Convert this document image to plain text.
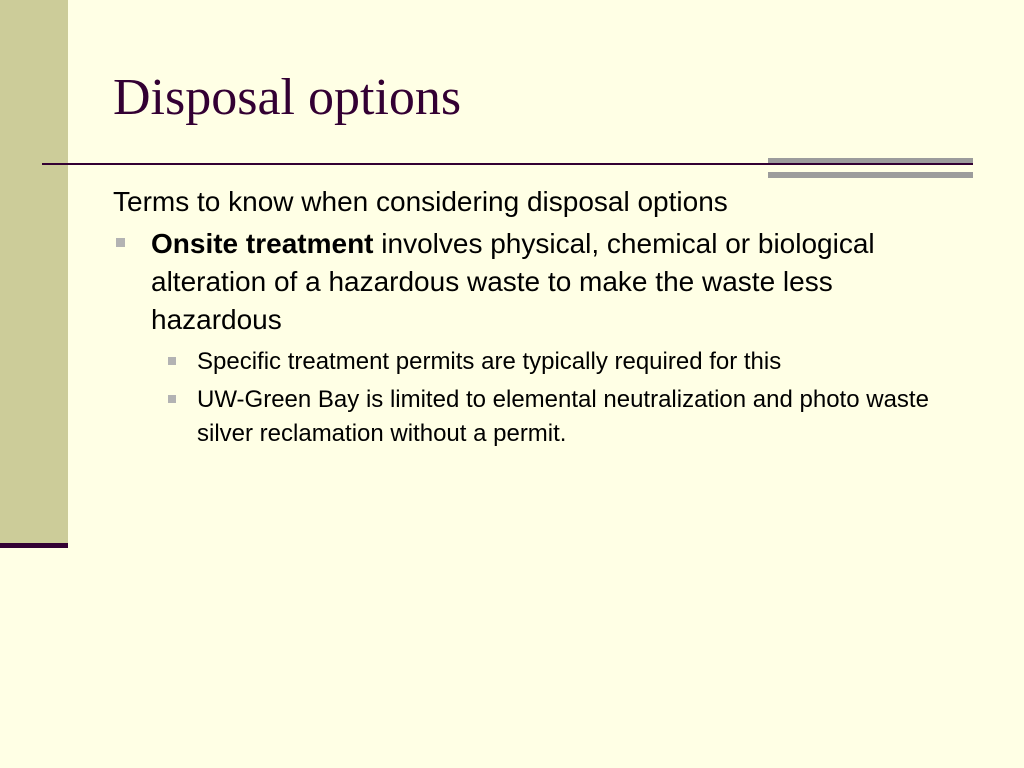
Disposal options

Terms to know when considering disposal options

Onsite treatment involves physical, chemical or biological alteration of a hazardous waste to make the waste less hazardous
Specific treatment permits are typically required for this
UW-Green Bay is limited to elemental neutralization and photo waste silver reclamation without a permit.
